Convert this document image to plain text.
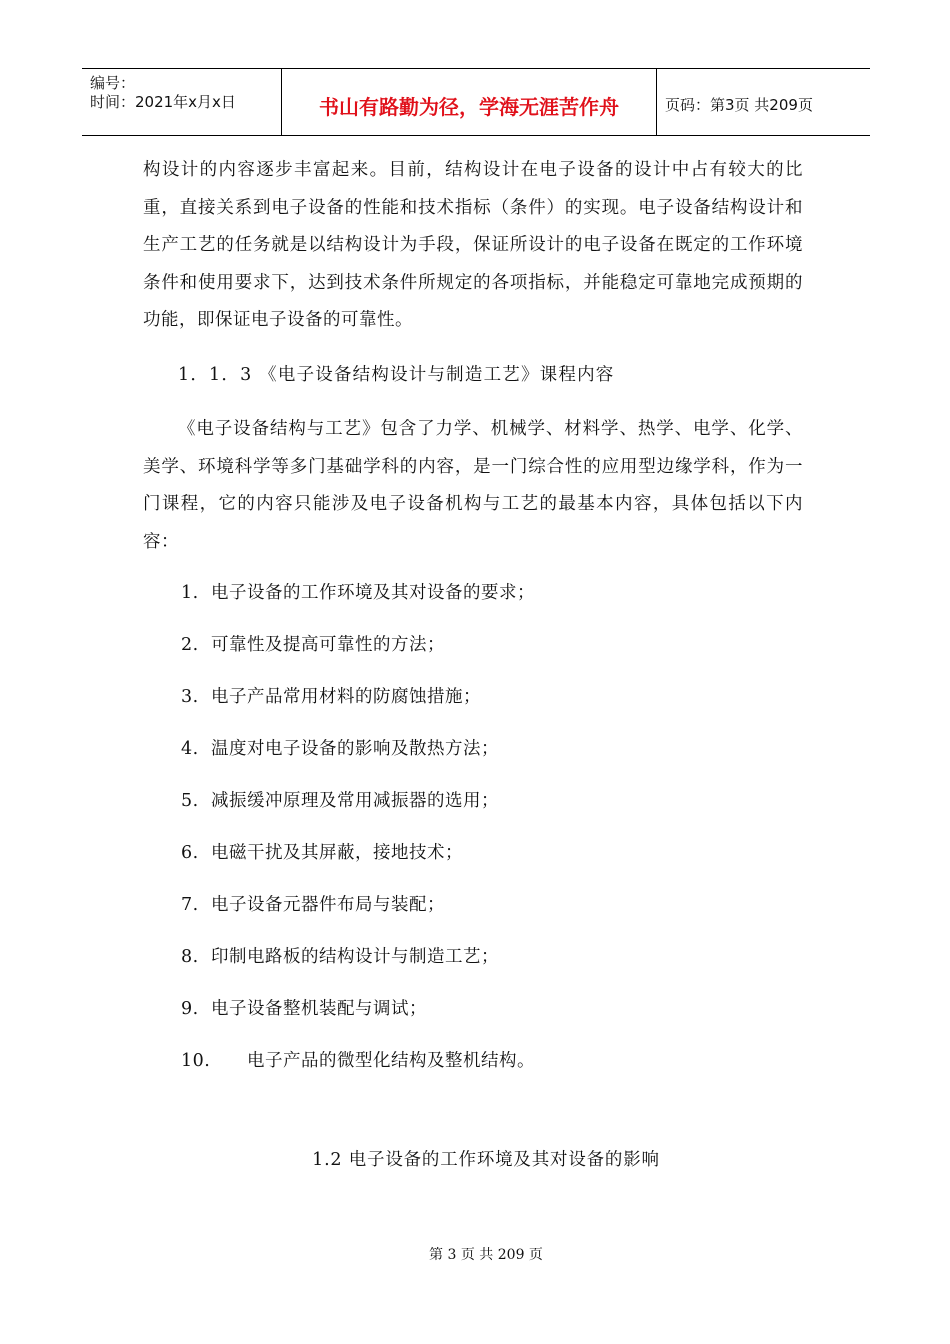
编号：
时间：2021年x月x日	书山有路勤为径，学海无涯苦作舟	页码：第3页 共209页

构设计的内容逐步丰富起来。目前，结构设计在电子设备的设计中占有较大的比重，直接关系到电子设备的性能和技术指标（条件）的实现。电子设备结构设计和生产工艺的任务就是以结构设计为手段，保证所设计的电子设备在既定的工作环境条件和使用要求下，达到技术条件所规定的各项指标，并能稳定可靠地完成预期的功能，即保证电子设备的可靠性。

1．1．3 《电子设备结构设计与制造工艺》课程内容

《电子设备结构与工艺》包含了力学、机械学、材料学、热学、电学、化学、美学、环境科学等多门基础学科的内容，是一门综合性的应用型边缘学科，作为一门课程，它的内容只能涉及电子设备机构与工艺的最基本内容，具体包括以下内容：

1. 电子设备的工作环境及其对设备的要求；
2. 可靠性及提高可靠性的方法；
3. 电子产品常用材料的防腐蚀措施；
4. 温度对电子设备的影响及散热方法；
5. 减振缓冲原理及常用减振器的选用；
6. 电磁干扰及其屏蔽，接地技术；
7. 电子设备元器件布局与装配；
8. 印制电路板的结构设计与制造工艺；
9. 电子设备整机装配与调试；
10. 电子产品的微型化结构及整机结构。
1.2 电子设备的工作环境及其对设备的影响
第 3 页 共 209 页
